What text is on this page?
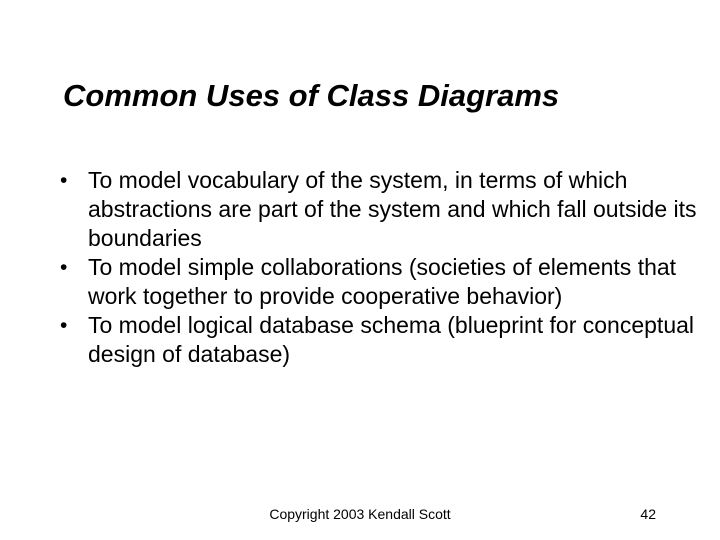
Common Uses of Class Diagrams
• To model vocabulary of the system, in terms of which abstractions are part of the system and which fall outside its boundaries
• To model simple collaborations (societies of elements that work together to provide cooperative behavior)
• To model logical database schema (blueprint for conceptual design of database)
Copyright 2003 Kendall Scott	42
